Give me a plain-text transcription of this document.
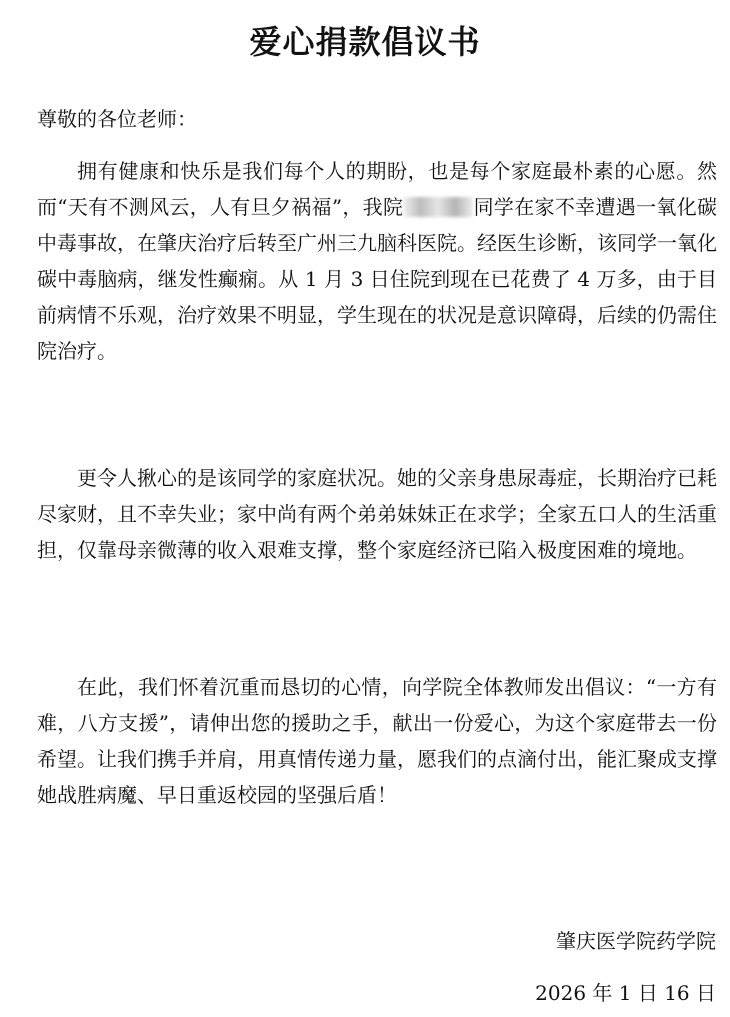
爱心捐款倡议书
尊敬的各位老师：

拥有健康和快乐是我们每个人的期盼，也是每个家庭最朴素的心愿。然而“天有不测风云，人有旦夕祸福”，我院	同学在家不幸遭遇一氧化碳中毒事故，在肇庆治疗后转至广州三九脑科医院。经医生诊断，该同学一氧化碳中毒脑病，继发性癫痫。从 1 月 3 日住院到现在已花费了 4 万多，由于目前病情不乐观，治疗效果不明显，学生现在的状况是意识障碍，后续的仍需住院治疗。

更令人揪心的是该同学的家庭状况。她的父亲身患尿毒症，长期治疗已耗尽家财，且不幸失业；家中尚有两个弟弟妹妹正在求学；全家五口人的生活重担，仅靠母亲微薄的收入艰难支撑，整个家庭经济已陷入极度困难的境地。

在此，我们怀着沉重而恳切的心情，向学院全体教师发出倡议：“一方有难，八方支援”，请伸出您的援助之手，献出一份爱心，为这个家庭带去一份希望。让我们携手并肩，用真情传递力量，愿我们的点滴付出，能汇聚成支撑她战胜病魔、早日重返校园的坚强后盾！

肇庆医学院药学院
2026 年 1 日 16 日
